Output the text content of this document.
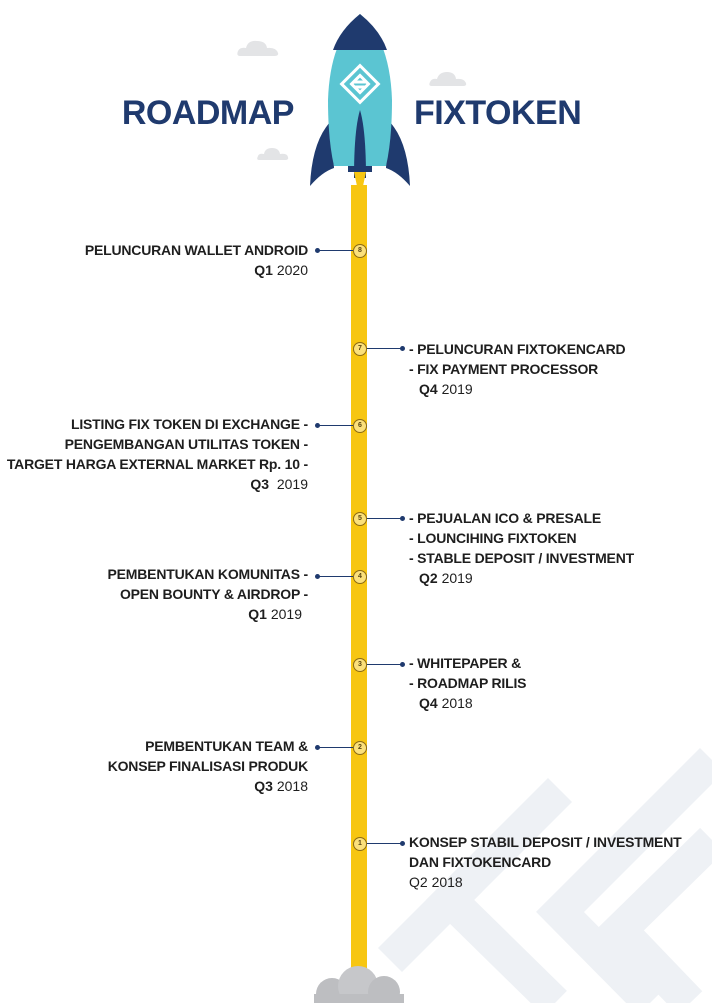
ROADMAP	FIXTOKEN
8
PELUNCURAN WALLET ANDROID
Q1 2020
7	- PELUNCURAN FIXTOKENCARD
- FIX PAYMENT PROCESSOR
Q4 2019
6
LISTING FIX TOKEN DI EXCHANGE -
PENGEMBANGAN UTILITAS TOKEN -
TARGET HARGA EXTERNAL MARKET Rp. 10 -
Q3 2019
5	- PEJUALAN ICO & PRESALE
- LOUNCIHING FIXTOKEN
- STABLE DEPOSIT / INVESTMENT
Q2 2019
4
PEMBENTUKAN KOMUNITAS -
OPEN BOUNTY & AIRDROP -
Q1 2019
3	- WHITEPAPER &
- ROADMAP RILIS
Q4 2018
2
PEMBENTUKAN TEAM &
KONSEP FINALISASI PRODUK
Q3 2018
1	KONSEP STABIL DEPOSIT / INVESTMENT
DAN FIXTOKENCARD
Q2 2018
